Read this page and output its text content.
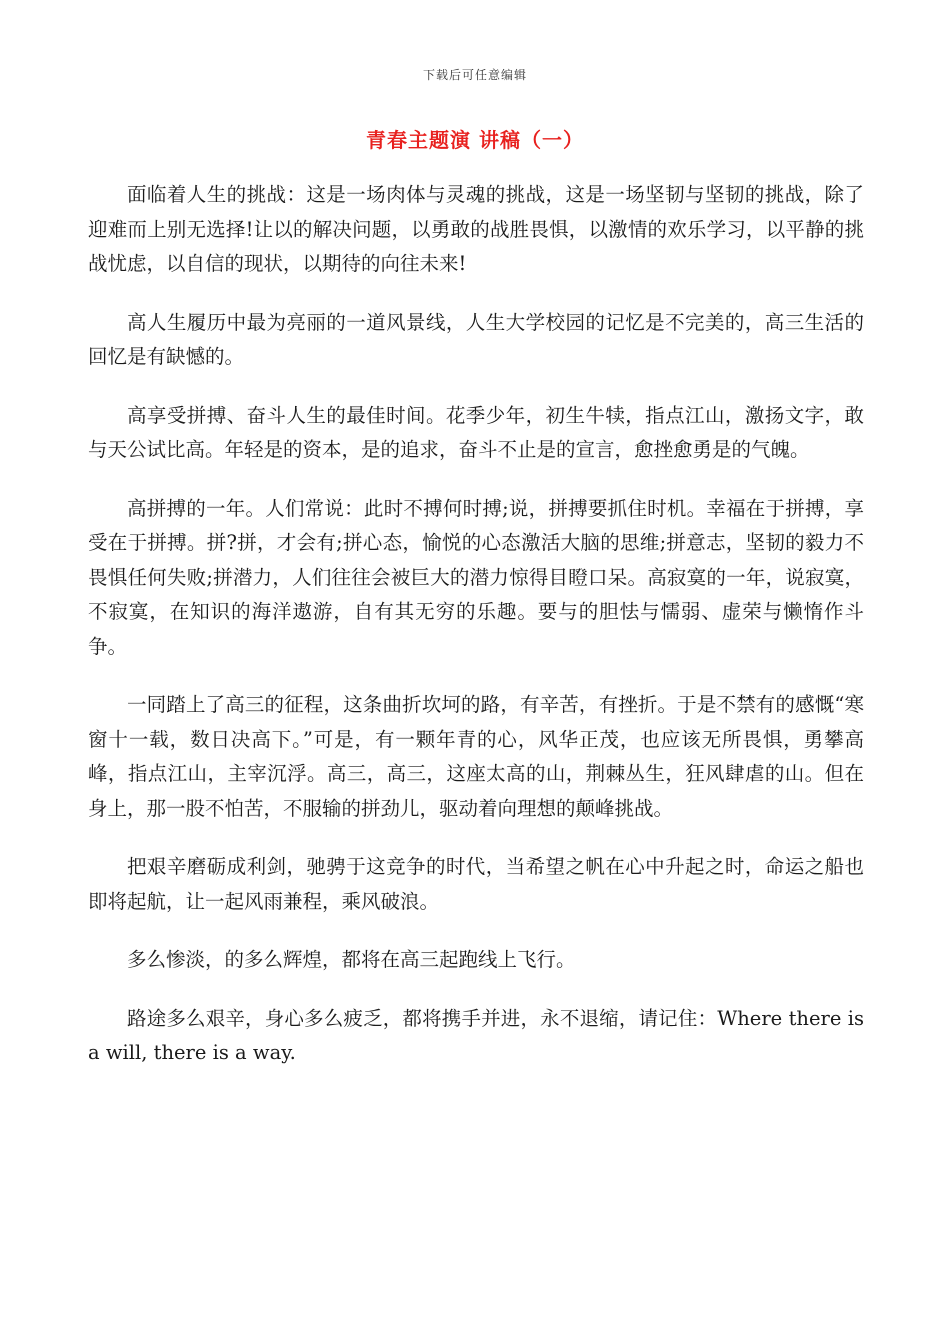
下载后可任意编辑
青春主题演 讲稿（一）

面临着人生的挑战：这是一场肉体与灵魂的挑战，这是一场坚韧与坚韧的挑战，除了迎难而上别无选择!让以的解决问题，以勇敢的战胜畏惧，以激情的欢乐学习，以平静的挑战忧虑，以自信的现状，以期待的向往未来!

高人生履历中最为亮丽的一道风景线，人生大学校园的记忆是不完美的，高三生活的回忆是有缺憾的。

高享受拼搏、奋斗人生的最佳时间。花季少年，初生牛犊，指点江山，激扬文字，敢与天公试比高。年轻是的资本，是的追求，奋斗不止是的宣言，愈挫愈勇是的气魄。

高拼搏的一年。人们常说：此时不搏何时搏;说，拼搏要抓住时机。幸福在于拼搏，享受在于拼搏。拼?拼，才会有;拼心态，愉悦的心态激活大脑的思维;拼意志，坚韧的毅力不畏惧任何失败;拼潜力，人们往往会被巨大的潜力惊得目瞪口呆。高寂寞的一年，说寂寞，不寂寞，在知识的海洋遨游，自有其无穷的乐趣。要与的胆怯与懦弱、虚荣与懒惰作斗争。

一同踏上了高三的征程，这条曲折坎坷的路，有辛苦，有挫折。于是不禁有的感慨“寒窗十一载，数日决高下。”可是，有一颗年青的心，风华正茂，也应该无所畏惧，勇攀高峰，指点江山，主宰沉浮。高三，高三，这座太高的山，荆棘丛生，狂风肆虐的山。但在身上，那一股不怕苦，不服输的拼劲儿，驱动着向理想的颠峰挑战。

把艰辛磨砺成利剑，驰骋于这竞争的时代，当希望之帆在心中升起之时，命运之船也即将起航，让一起风雨兼程，乘风破浪。

多么惨淡，的多么辉煌，都将在高三起跑线上飞行。

路途多么艰辛，身心多么疲乏，都将携手并进，永不退缩，请记住：Where there is a will, there is a way.
